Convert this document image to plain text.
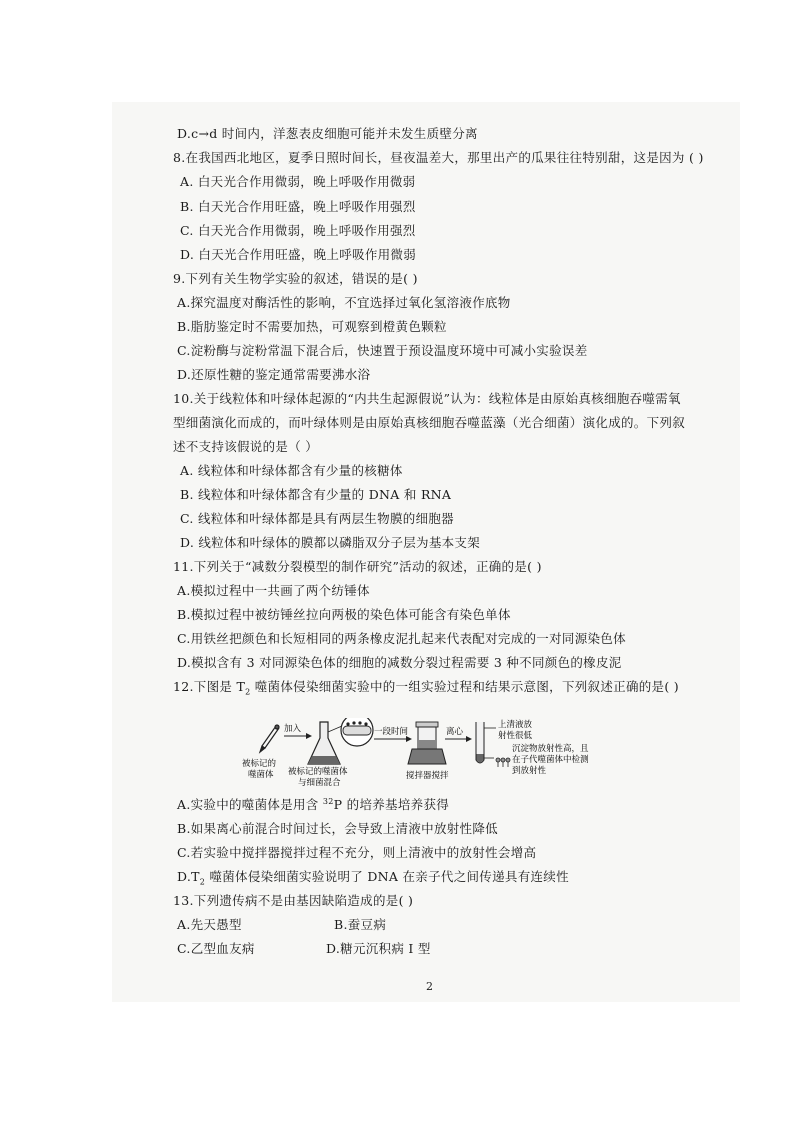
D.c→d 时间内，洋葱表皮细胞可能并未发生质壁分离
8.在我国西北地区，夏季日照时间长，昼夜温差大，那里出产的瓜果往往特别甜，这是因为 ( )
A. 白天光合作用微弱，晚上呼吸作用微弱
B. 白天光合作用旺盛，晚上呼吸作用强烈
C. 白天光合作用微弱，晚上呼吸作用强烈
D. 白天光合作用旺盛，晚上呼吸作用微弱
9.下列有关生物学实验的叙述，错误的是( )
A.探究温度对酶活性的影响，不宜选择过氧化氢溶液作底物
B.脂肪鉴定时不需要加热，可观察到橙黄色颗粒
C.淀粉酶与淀粉常温下混合后，快速置于预设温度环境中可减小实验误差
D.还原性糖的鉴定通常需要沸水浴
10.关于线粒体和叶绿体起源的“内共生起源假说”认为：线粒体是由原始真核细胞吞噬需氧
型细菌演化而成的，而叶绿体则是由原始真核细胞吞噬蓝藻（光合细菌）演化成的。下列叙
述不支持该假说的是（ ）
A. 线粒体和叶绿体都含有少量的核糖体
B. 线粒体和叶绿体都含有少量的 DNA 和 RNA
C. 线粒体和叶绿体都是具有两层生物膜的细胞器
D. 线粒体和叶绿体的膜都以磷脂双分子层为基本支架
11.下列关于“减数分裂模型的制作研究”活动的叙述，正确的是( )
A.模拟过程中一共画了两个纺锤体
B.模拟过程中被纺锤丝拉向两极的染色体可能含有染色单体
C.用铁丝把颜色和长短相同的两条橡皮泥扎起来代表配对完成的一对同源染色体
D.模拟含有 3 对同源染色体的细胞的减数分裂过程需要 3 种不同颜色的橡皮泥
12.下图是 $T_2$ 噬菌体侵染细菌实验中的一组实验过程和结果示意图，下列叙述正确的是( )
被标记的
噬菌体
加入
被标记的噬菌体
与细菌混合
一段时间
搅拌器搅拌
离心
上清液放
射性很低
沉淀物放射性高，且
在子代噬菌体中检测
到放射性
A.实验中的噬菌体是用含 $^{32}$P 的培养基培养获得
B.如果离心前混合时间过长，会导致上清液中放射性降低
C.若实验中搅拌器搅拌过程不充分，则上清液中的放射性会增高
$D.T_2$ 噬菌体侵染细菌实验说明了 DNA 在亲子代之间传递具有连续性
13.下列遗传病不是由基因缺陷造成的是( )
A.先天愚型	B.蚕豆病
C.乙型血友病	D.糖元沉积病 Ⅰ 型
2
